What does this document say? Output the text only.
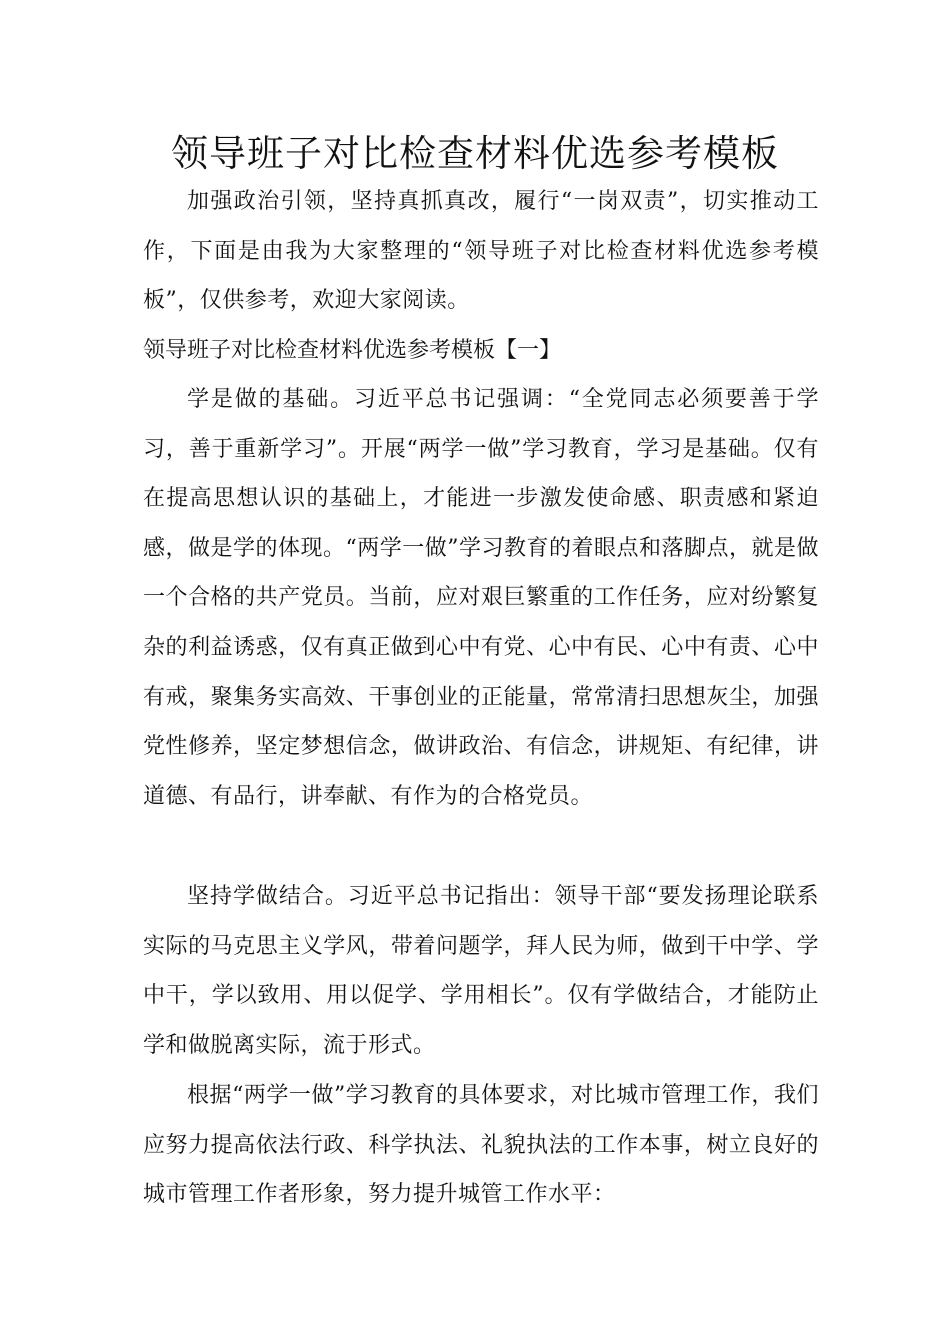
领导班子对比检查材料优选参考模板

加强政治引领，坚持真抓真改，履行“一岗双责”，切实推动工作，下面是由我为大家整理的“领导班子对比检查材料优选参考模板”，仅供参考，欢迎大家阅读。

领导班子对比检查材料优选参考模板【一】

学是做的基础。习近平总书记强调：“全党同志必须要善于学习，善于重新学习”。开展“两学一做”学习教育，学习是基础。仅有在提高思想认识的基础上，才能进一步激发使命感、职责感和紧迫感，做是学的体现。“两学一做”学习教育的着眼点和落脚点，就是做一个合格的共产党员。当前，应对艰巨繁重的工作任务，应对纷繁复杂的利益诱惑，仅有真正做到心中有党、心中有民、心中有责、心中有戒，聚集务实高效、干事创业的正能量，常常清扫思想灰尘，加强党性修养，坚定梦想信念，做讲政治、有信念，讲规矩、有纪律，讲道德、有品行，讲奉献、有作为的合格党员。

坚持学做结合。习近平总书记指出：领导干部“要发扬理论联系实际的马克思主义学风，带着问题学，拜人民为师，做到干中学、学中干，学以致用、用以促学、学用相长”。仅有学做结合，才能防止学和做脱离实际，流于形式。

根据“两学一做”学习教育的具体要求，对比城市管理工作，我们应努力提高依法行政、科学执法、礼貌执法的工作本事，树立良好的城市管理工作者形象，努力提升城管工作水平：
